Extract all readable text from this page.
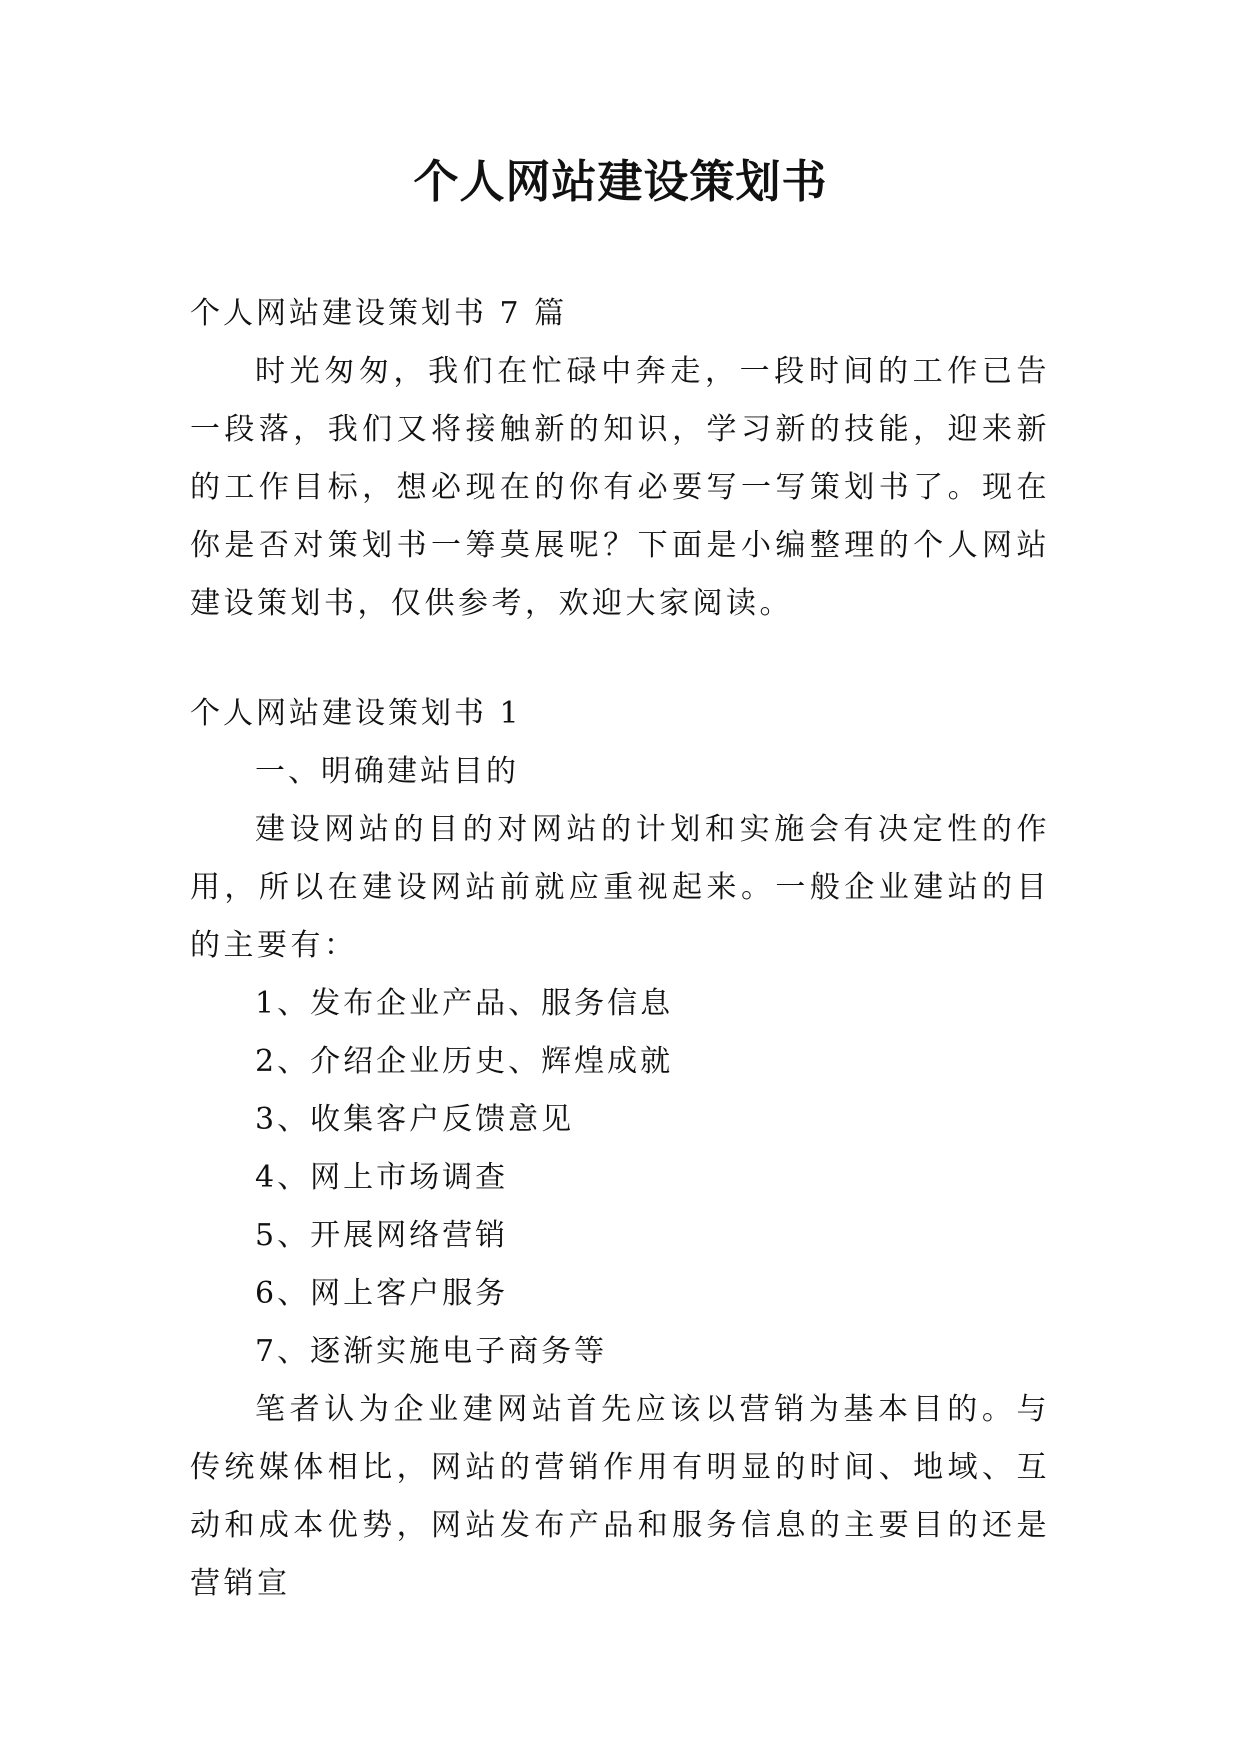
个人网站建设策划书
个人网站建设策划书 7 篇
时光匆匆，我们在忙碌中奔走，一段时间的工作已告一段落，我们又将接触新的知识，学习新的技能，迎来新的工作目标，想必现在的你有必要写一写策划书了。现在你是否对策划书一筹莫展呢？下面是小编整理的个人网站建设策划书，仅供参考，欢迎大家阅读。
个人网站建设策划书 1
一、明确建站目的
建设网站的目的对网站的计划和实施会有决定性的作用，所以在建设网站前就应重视起来。一般企业建站的目的主要有：
1、发布企业产品、服务信息
2、介绍企业历史、辉煌成就
3、收集客户反馈意见
4、网上市场调查
5、开展网络营销
6、网上客户服务
7、逐渐实施电子商务等
笔者认为企业建网站首先应该以营销为基本目的。与传统媒体相比，网站的营销作用有明显的时间、地域、互动和成本优势，网站发布产品和服务信息的主要目的还是营销宣
